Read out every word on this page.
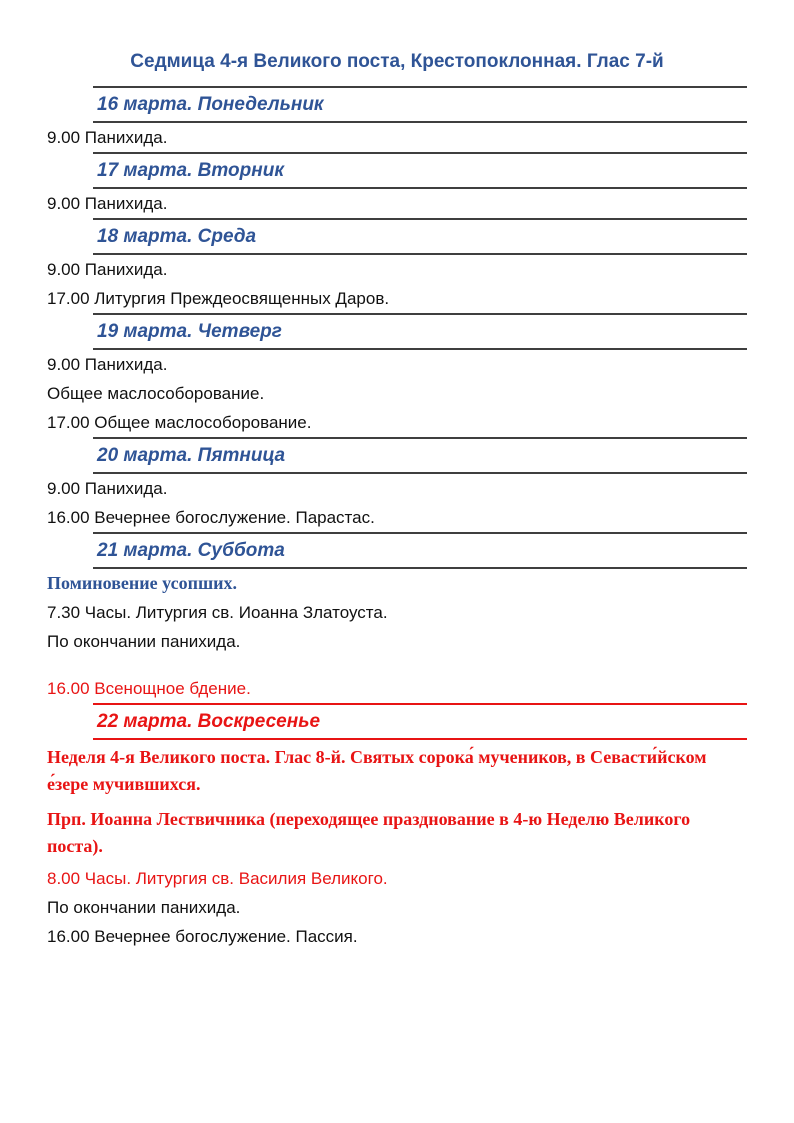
Седмица 4-я Великого поста, Крестопоклонная. Глас 7-й
16 марта. Понедельник
9.00 Панихида.
17 марта. Вторник
9.00 Панихида.
18 марта. Среда
9.00 Панихида.
17.00 Литургия Преждеосвященных Даров.
19 марта. Четверг
9.00 Панихида.
Общее маслособорование.
17.00 Общее маслособорование.
20 марта. Пятница
9.00 Панихида.
16.00 Вечернее богослужение. Парастас.
21 марта. Суббота
Поминовение усопших.
7.30 Часы. Литургия св. Иоанна Златоуста.
По окончании панихида.
16.00 Всенощное бдение.
22 марта. Воскресенье
Неделя 4-я Великого поста. Глас 8-й. Святых сорока́ мучеников, в Севасти́йском е́зере мучившихся.
Прп. Иоанна Лествичника (переходящее празднование в 4-ю Неделю Великого поста).
8.00 Часы. Литургия св. Василия Великого.
По окончании панихида.
16.00 Вечернее богослужение. Пассия.
